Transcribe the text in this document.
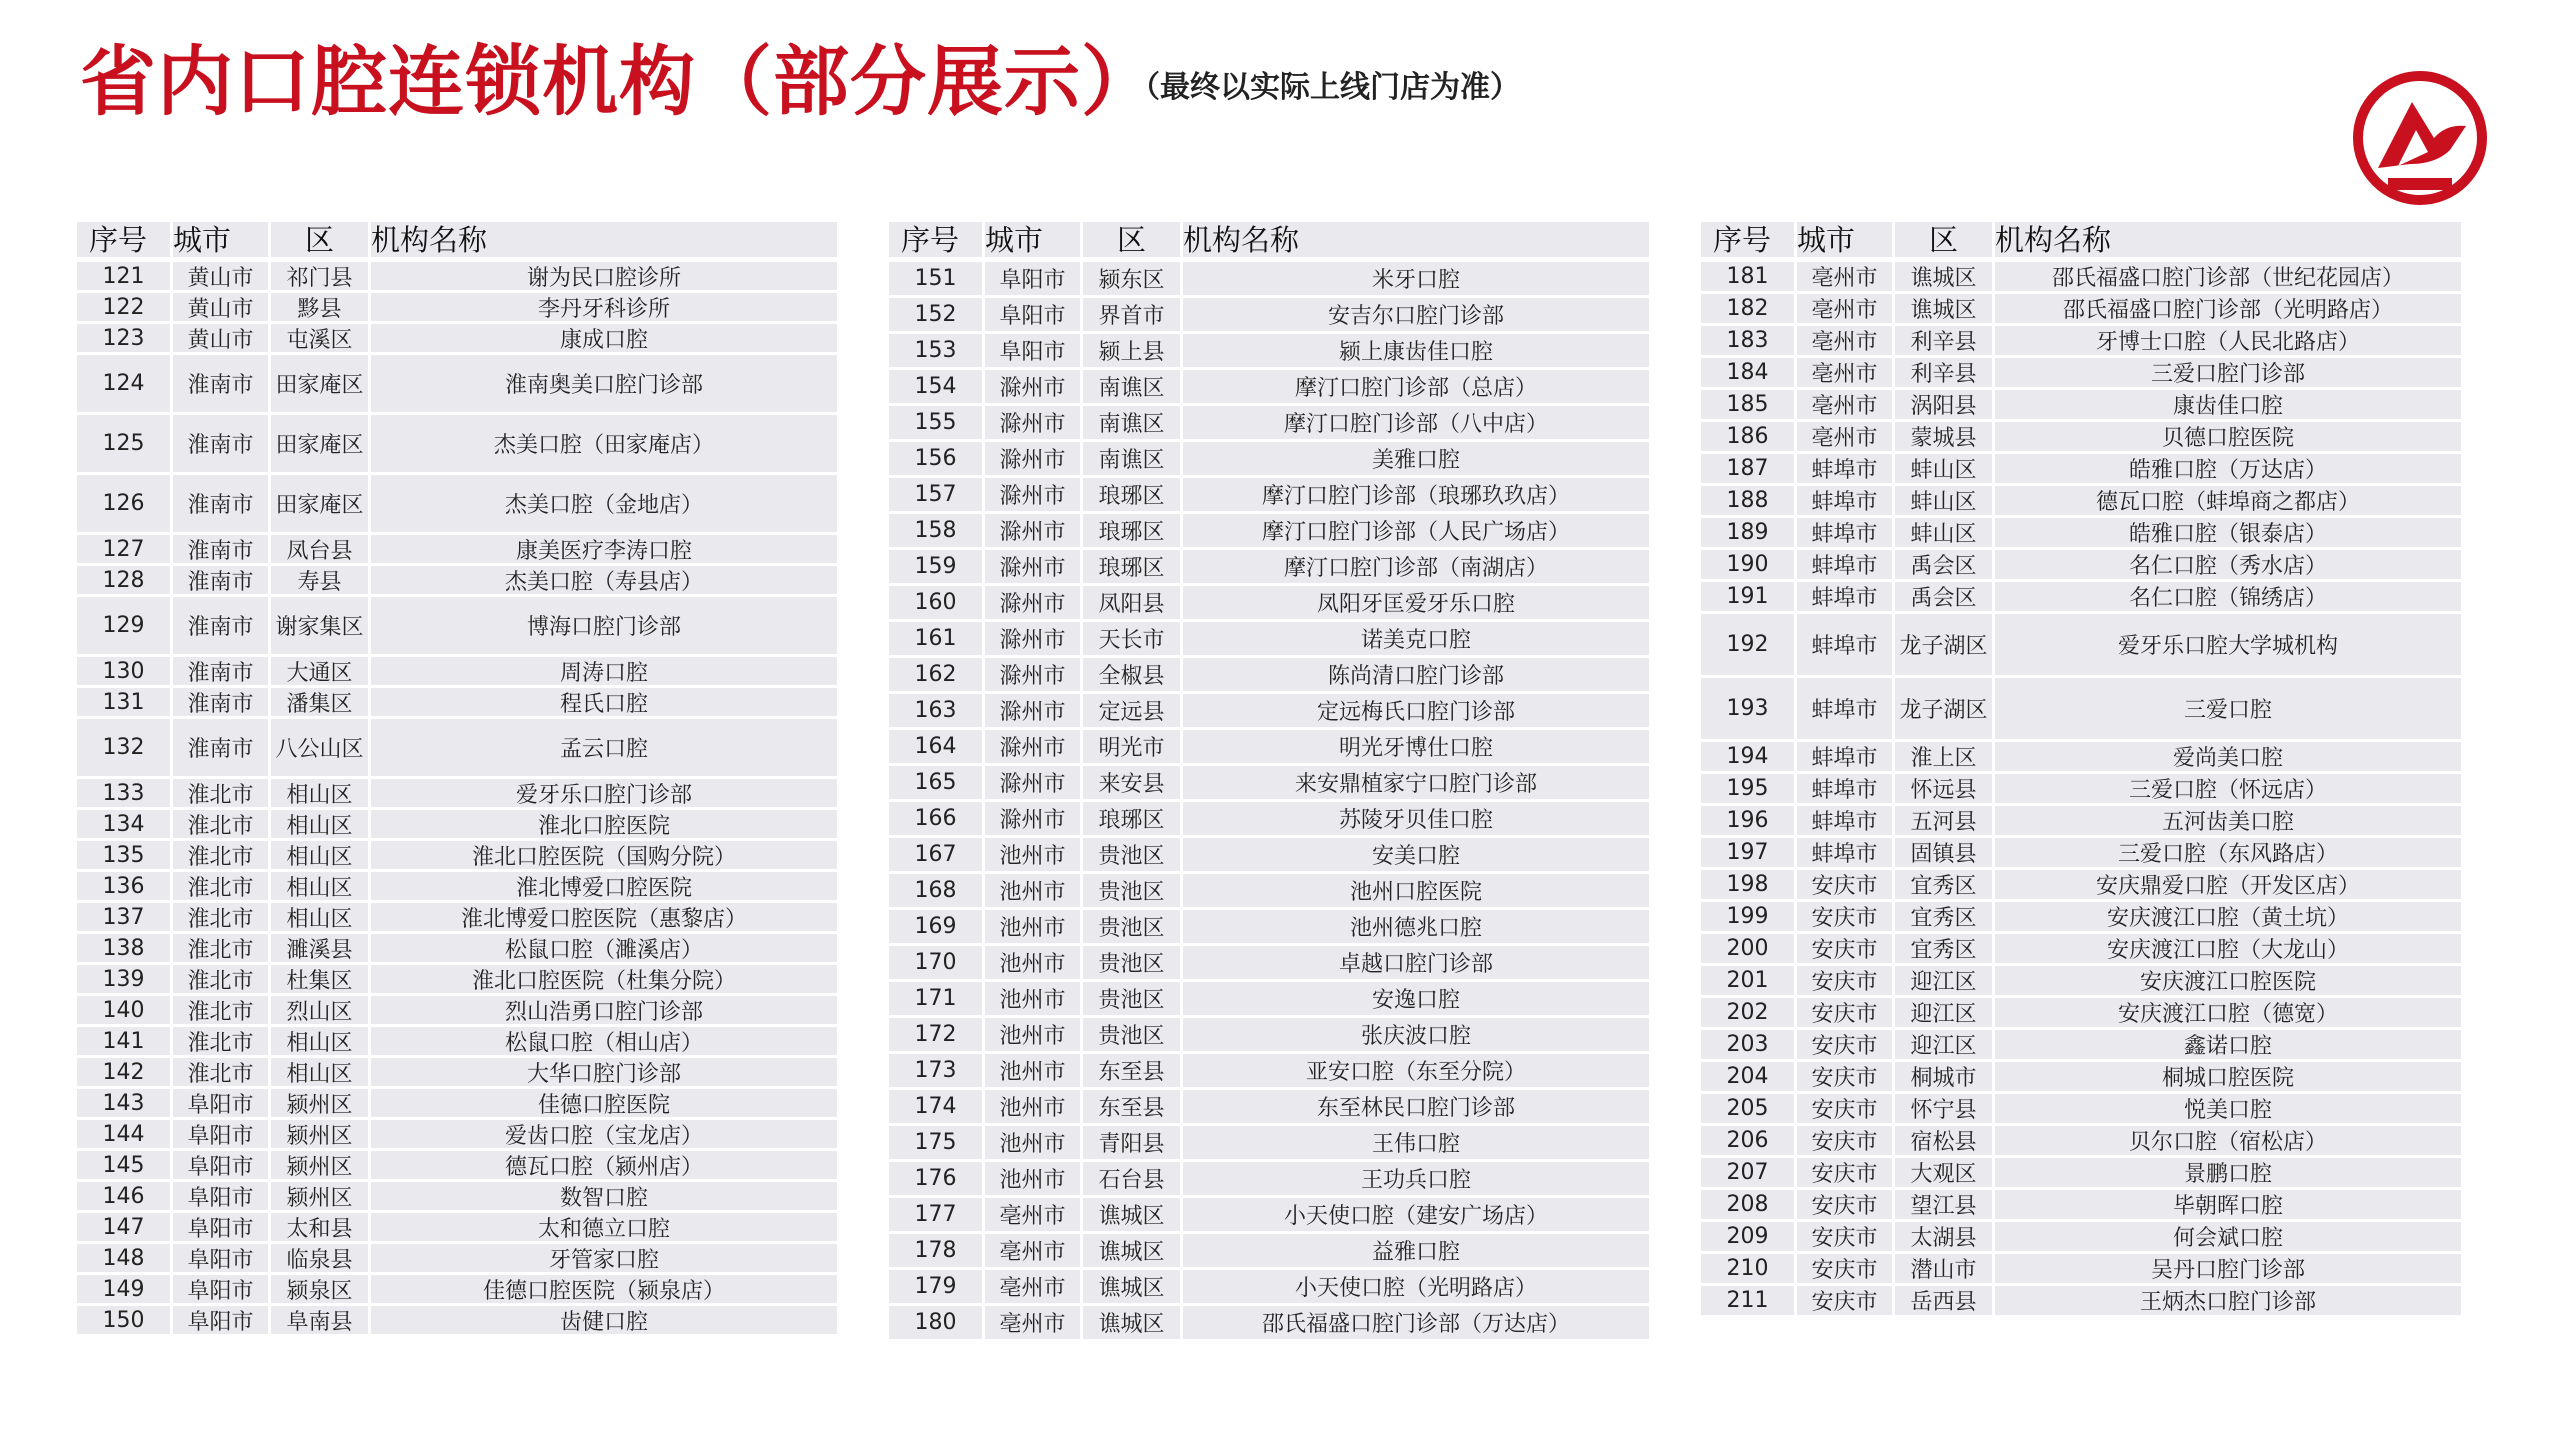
省内口腔连锁机构（部分展示）
（最终以实际上线门店为准）
序号 城市	区	机构名称
121	黄山市	祁门县	谢为民口腔诊所
122	黄山市	黟县	李丹牙科诊所
123	黄山市	屯溪区	康成口腔
124	淮南市 田家庵区	淮南奥美口腔门诊部
125	淮南市 田家庵区	杰美口腔（田家庵店）
126	淮南市 田家庵区	杰美口腔（金地店）
127	淮南市	凤台县	康美医疗李涛口腔
128	淮南市	寿县	杰美口腔（寿县店）
129	淮南市 谢家集区	博海口腔门诊部
130	淮南市	大通区	周涛口腔
131	淮南市	潘集区	程氏口腔
132	淮南市 八公山区	孟云口腔
133	淮北市	相山区	爱牙乐口腔门诊部
134	淮北市	相山区	淮北口腔医院
135	淮北市	相山区	淮北口腔医院（国购分院）
136	淮北市	相山区	淮北博爱口腔医院
137	淮北市	相山区	淮北博爱口腔医院（惠黎店）
138	淮北市	濉溪县	松鼠口腔（濉溪店）
139	淮北市	杜集区	淮北口腔医院（杜集分院）
140	淮北市	烈山区	烈山浩勇口腔门诊部
141	淮北市	相山区	松鼠口腔（相山店）
142	淮北市	相山区	大华口腔门诊部
143	阜阳市	颍州区	佳德口腔医院
144	阜阳市	颍州区	爱齿口腔（宝龙店）
145	阜阳市	颍州区	德瓦口腔（颍州店）
146	阜阳市	颍州区	数智口腔
147	阜阳市	太和县	太和德立口腔
148	阜阳市	临泉县	牙管家口腔
149	阜阳市	颍泉区	佳德口腔医院（颍泉店）
150	阜阳市	阜南县	齿健口腔
序号 城市	区	机构名称
151	阜阳市	颍东区	米牙口腔
152	阜阳市	界首市	安吉尔口腔门诊部
153	阜阳市	颍上县	颍上康齿佳口腔
154	滁州市	南谯区	摩汀口腔门诊部（总店）
155	滁州市	南谯区	摩汀口腔门诊部（八中店）
156	滁州市	南谯区	美雅口腔
157	滁州市	琅琊区	摩汀口腔门诊部（琅琊玖玖店）
158	滁州市	琅琊区	摩汀口腔门诊部（人民广场店）
159	滁州市	琅琊区	摩汀口腔门诊部（南湖店）
160	滁州市	凤阳县	凤阳牙匡爱牙乐口腔
161	滁州市	天长市	诺美克口腔
162	滁州市	全椒县	陈尚清口腔门诊部
163	滁州市	定远县	定远梅氏口腔门诊部
164	滁州市	明光市	明光牙博仕口腔
165	滁州市	来安县	来安鼎植家宁口腔门诊部
166	滁州市	琅琊区	苏陵牙贝佳口腔
167	池州市	贵池区	安美口腔
168	池州市	贵池区	池州口腔医院
169	池州市	贵池区	池州德兆口腔
170	池州市	贵池区	卓越口腔门诊部
171	池州市	贵池区	安逸口腔
172	池州市	贵池区	张庆波口腔
173	池州市	东至县	亚安口腔（东至分院）
174	池州市	东至县	东至林民口腔门诊部
175	池州市	青阳县	王伟口腔
176	池州市	石台县	王功兵口腔
177	亳州市	谯城区	小天使口腔（建安广场店）
178	亳州市	谯城区	益雅口腔
179	亳州市	谯城区	小天使口腔（光明路店）
180	亳州市	谯城区	邵氏福盛口腔门诊部（万达店）
序号 城市	区	机构名称
181	亳州市	谯城区	邵氏福盛口腔门诊部（世纪花园店）
182	亳州市	谯城区	邵氏福盛口腔门诊部（光明路店）
183	亳州市	利辛县	牙博士口腔（人民北路店）
184	亳州市	利辛县	三爱口腔门诊部
185	亳州市	涡阳县	康齿佳口腔
186	亳州市	蒙城县	贝德口腔医院
187	蚌埠市	蚌山区	皓雅口腔（万达店）
188	蚌埠市	蚌山区	德瓦口腔（蚌埠商之都店）
189	蚌埠市	蚌山区	皓雅口腔（银泰店）
190	蚌埠市	禹会区	名仁口腔（秀水店）
191	蚌埠市	禹会区	名仁口腔（锦绣店）
192	蚌埠市 龙子湖区	爱牙乐口腔大学城机构
193	蚌埠市 龙子湖区	三爱口腔
194	蚌埠市	淮上区	爱尚美口腔
195	蚌埠市	怀远县	三爱口腔（怀远店）
196	蚌埠市	五河县	五河齿美口腔
197	蚌埠市	固镇县	三爱口腔（东风路店）
198	安庆市	宜秀区	安庆鼎爱口腔（开发区店）
199	安庆市	宜秀区	安庆渡江口腔（黄土坑）
200	安庆市	宜秀区	安庆渡江口腔（大龙山）
201	安庆市	迎江区	安庆渡江口腔医院
202	安庆市	迎江区	安庆渡江口腔（德宽）
203	安庆市	迎江区	鑫诺口腔
204	安庆市	桐城市	桐城口腔医院
205	安庆市	怀宁县	悦美口腔
206	安庆市	宿松县	贝尔口腔（宿松店）
207	安庆市	大观区	景鹏口腔
208	安庆市	望江县	毕朝晖口腔
209	安庆市	太湖县	何会斌口腔
210	安庆市	潜山市	吴丹口腔门诊部
211	安庆市	岳西县	王炳杰口腔门诊部
